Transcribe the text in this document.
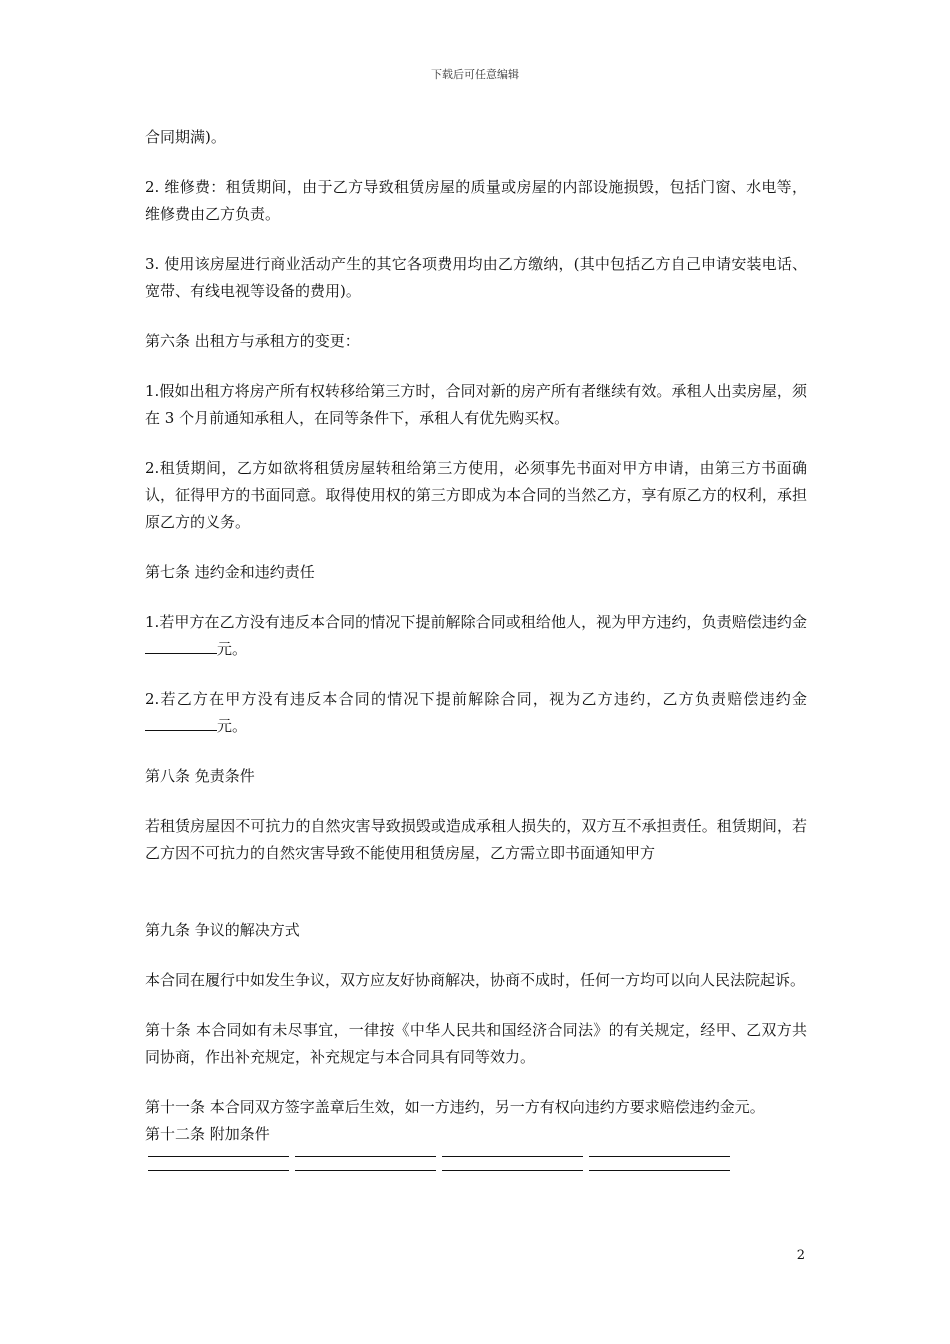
下载后可任意编辑

合同期满)。

2. 维修费：租赁期间，由于乙方导致租赁房屋的质量或房屋的内部设施损毁，包括门窗、水电等，维修费由乙方负责。

3. 使用该房屋进行商业活动产生的其它各项费用均由乙方缴纳，(其中包括乙方自己申请安装电话、宽带、有线电视等设备的费用)。

第六条 出租方与承租方的变更：

1.假如出租方将房产所有权转移给第三方时，合同对新的房产所有者继续有效。承租人出卖房屋，须在 3 个月前通知承租人，在同等条件下，承租人有优先购买权。

2.租赁期间，乙方如欲将租赁房屋转租给第三方使用，必须事先书面对甲方申请，由第三方书面确认，征得甲方的书面同意。取得使用权的第三方即成为本合同的当然乙方，享有原乙方的权利，承担原乙方的义务。

第七条 违约金和违约责任

1.若甲方在乙方没有违反本合同的情况下提前解除合同或租给他人，视为甲方违约，负责赔偿违约金元。

2.若乙方在甲方没有违反本合同的情况下提前解除合同，视为乙方违约，乙方负责赔偿违约金元。

第八条 免责条件

若租赁房屋因不可抗力的自然灾害导致损毁或造成承租人损失的，双方互不承担责任。租赁期间，若乙方因不可抗力的自然灾害导致不能使用租赁房屋，乙方需立即书面通知甲方

第九条 争议的解决方式

本合同在履行中如发生争议，双方应友好协商解决，协商不成时，任何一方均可以向人民法院起诉。

第十条 本合同如有未尽事宜，一律按《中华人民共和国经济合同法》的有关规定，经甲、乙双方共同协商，作出补充规定，补充规定与本合同具有同等效力。

第十一条 本合同双方签字盖章后生效，如一方违约，另一方有权向违约方要求赔偿违约金元。

第十二条 附加条件

2
